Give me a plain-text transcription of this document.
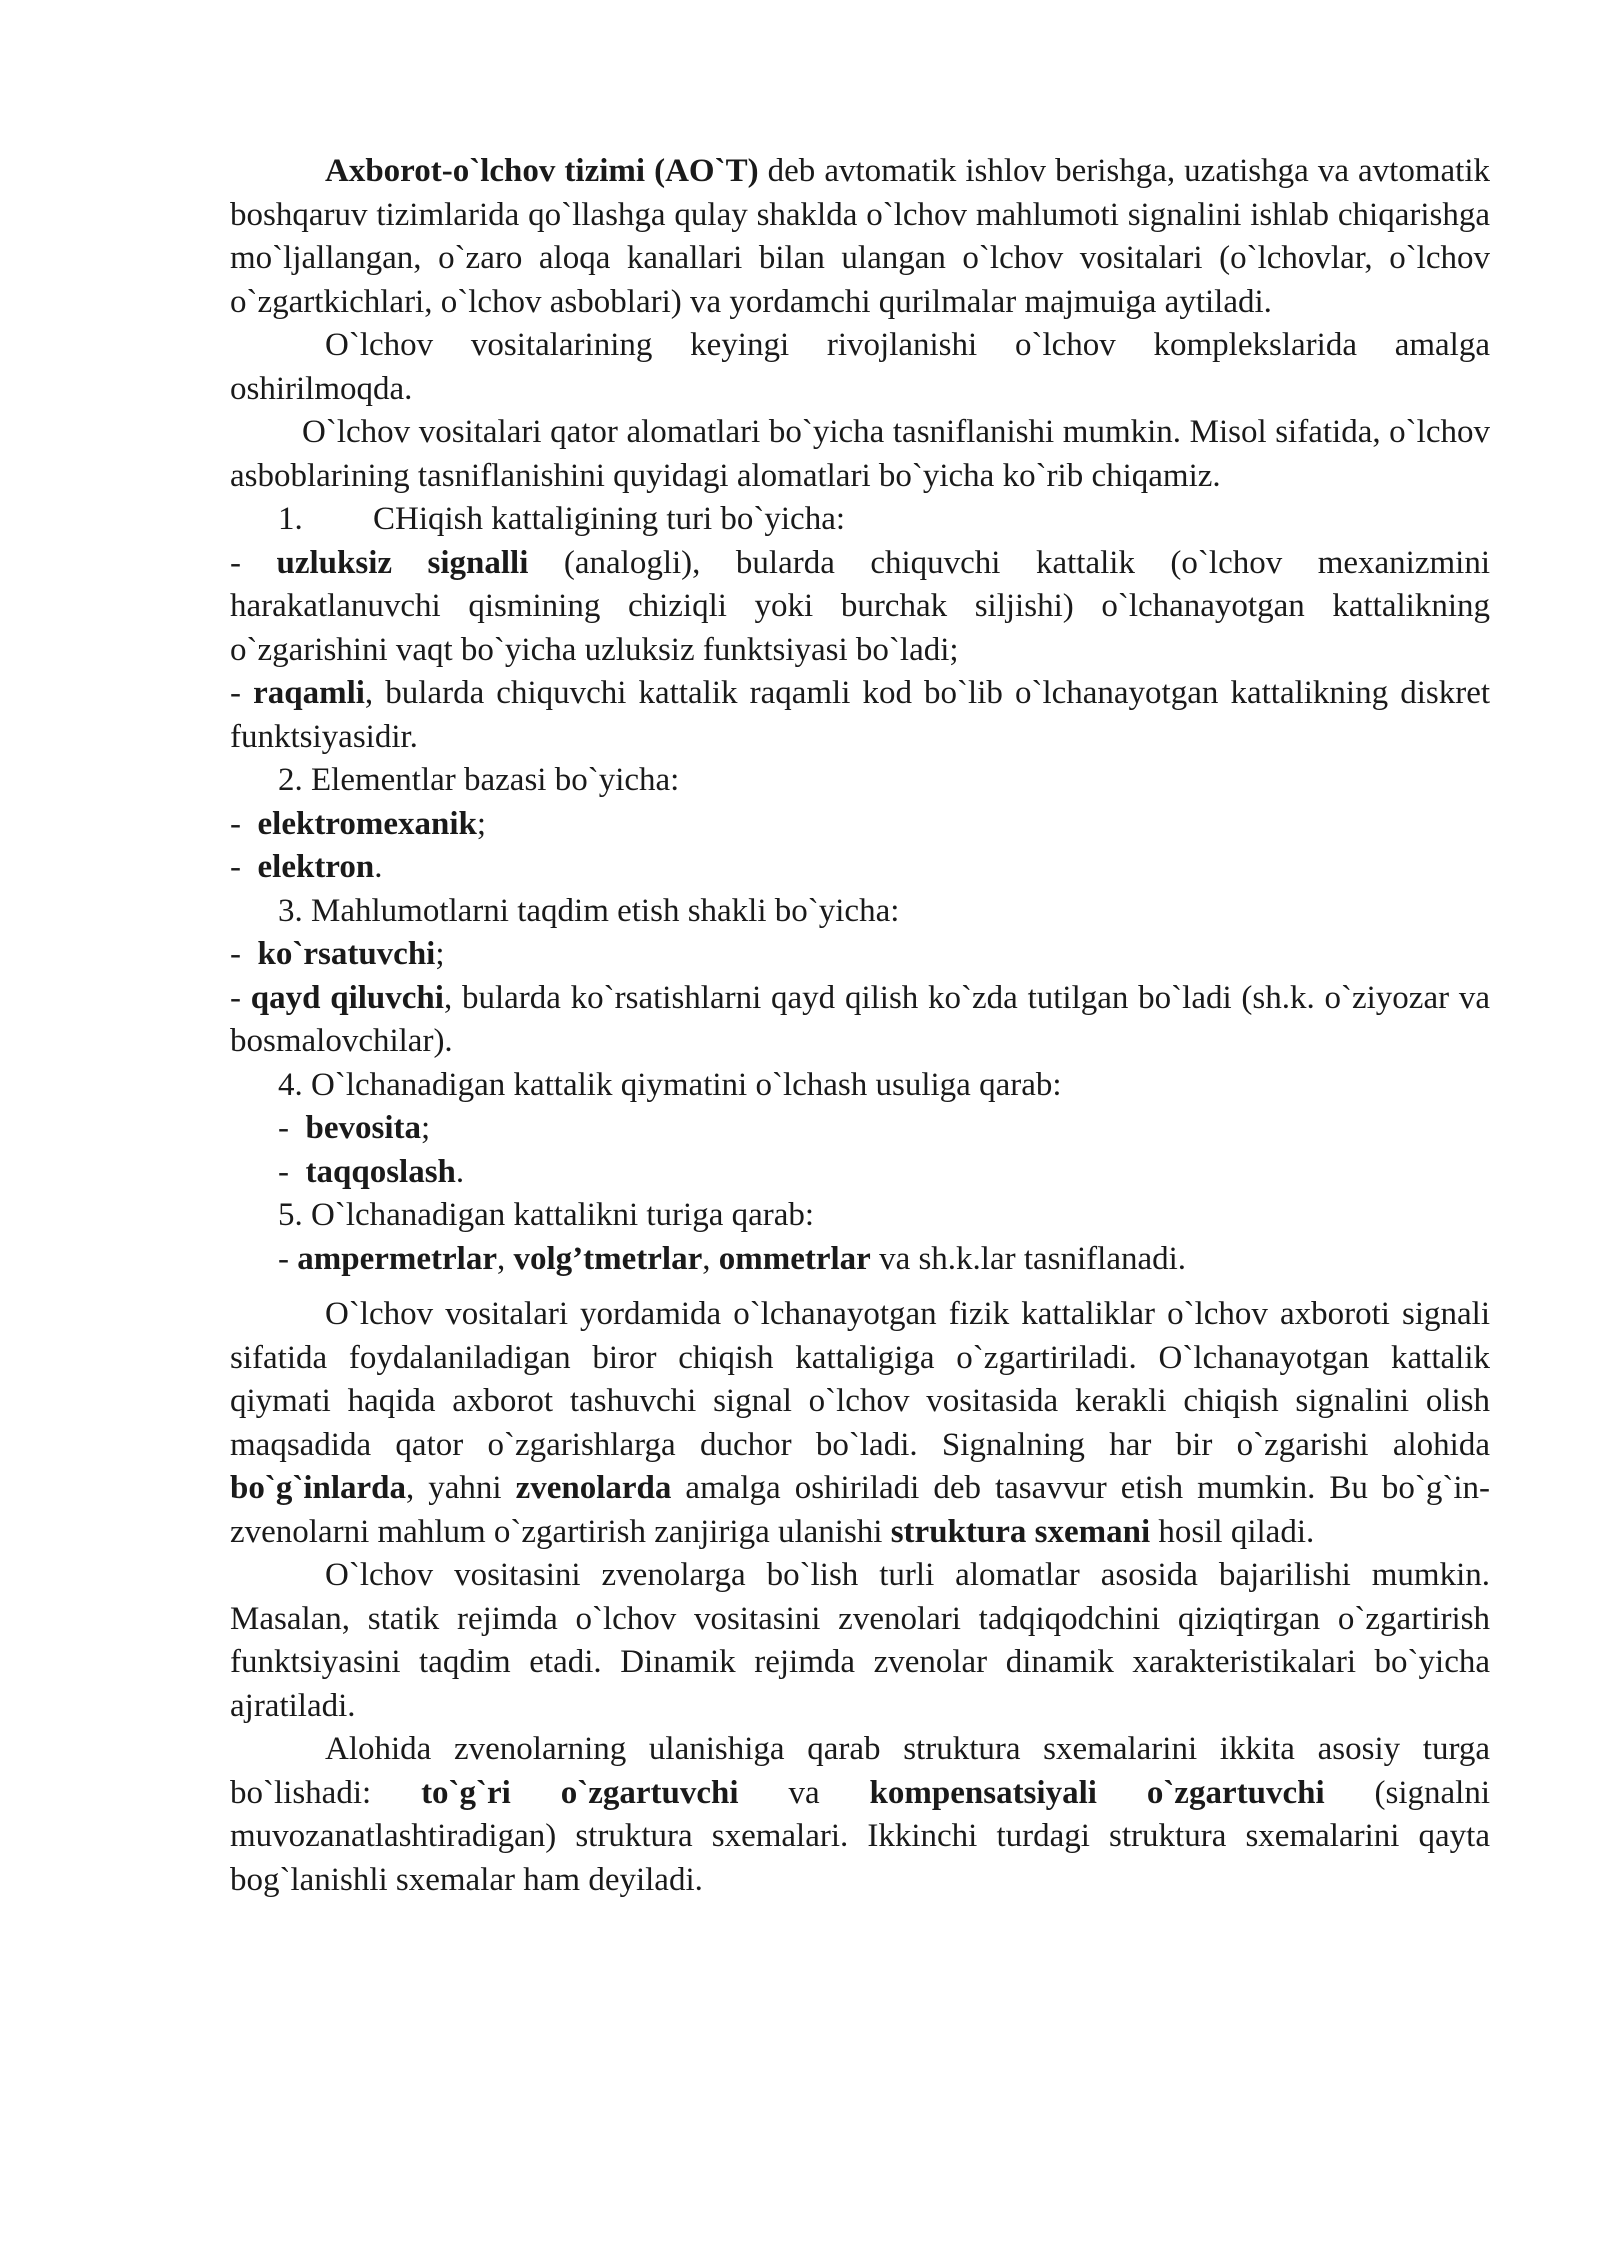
Axborot-o`lchov tizimi (AO`T) deb avtomatik ishlov berishga, uzatishga va avtomatik boshqaruv tizimlarida qo`llashga qulay shaklda o`lchov mahlumoti signalini ishlab chiqarishga mo`ljallangan, o`zaro aloqa kanallari bilan ulangan o`lchov vositalari (o`lchovlar, o`lchov o`zgartkichlari, o`lchov asboblari) va yordamchi qurilmalar majmuiga aytiladi.

O`lchov vositalarining keyingi rivojlanishi o`lchov komplekslarida amalga oshirilmoqda.

O`lchov vositalari qator alomatlari bo`yicha tasniflanishi mumkin. Misol sifatida, o`lchov asboblarining tasniflanishini quyidagi alomatlari bo`yicha ko`rib chiqamiz.

1. CHiqish kattaligining turi bo`yicha:

- uzluksiz signalli (analogli), bularda chiquvchi kattalik (o`lchov mexanizmini harakatlanuvchi qismining chiziqli yoki burchak siljishi) o`lchanayotgan kattalikning o`zgarishini vaqt bo`yicha uzluksiz funktsiyasi bo`ladi;

- raqamli, bularda chiquvchi kattalik raqamli kod bo`lib o`lchanayotgan kattalikning diskret funktsiyasidir.

2. Elementlar bazasi bo`yicha:

-  elektromexanik;

-  elektron.

3. Mahlumotlarni taqdim etish shakli bo`yicha:

-  ko`rsatuvchi;

- qayd qiluvchi, bularda ko`rsatishlarni qayd qilish ko`zda tutilgan bo`ladi (sh.k. o`ziyozar va bosmalovchilar).

4. O`lchanadigan kattalik qiymatini o`lchash usuliga qarab:

-  bevosita;

-  taqqoslash.

5. O`lchanadigan kattalikni turiga qarab:

- ampermetrlar, volg’tmetrlar, ommetrlar va sh.k.lar tasniflanadi.

O`lchov vositalari yordamida o`lchanayotgan fizik kattaliklar o`lchov axboroti signali sifatida foydalaniladigan biror chiqish kattaligiga o`zgartiriladi. O`lchanayotgan kattalik qiymati haqida axborot tashuvchi signal o`lchov vositasida kerakli chiqish signalini olish maqsadida qator o`zgarishlarga duchor bo`ladi. Signalning har bir o`zgarishi alohida bo`g`inlarda, yahni zvenolarda amalga oshiriladi deb tasavvur etish mumkin. Bu bo`g`in-zvenolarni mahlum o`zgartirish zanjiriga ulanishi struktura sxemani hosil qiladi.

O`lchov vositasini zvenolarga bo`lish turli alomatlar asosida bajarilishi mumkin. Masalan, statik rejimda o`lchov vositasini zvenolari tadqiqodchini qiziqtirgan o`zgartirish funktsiyasini taqdim etadi. Dinamik rejimda zvenolar dinamik xarakteristikalari bo`yicha ajratiladi.

Alohida zvenolarning ulanishiga qarab struktura sxemalarini ikkita asosiy turga bo`lishadi: to`g`ri o`zgartuvchi va kompensatsiyali o`zgartuvchi (signalni muvozanatlashtiradigan) struktura sxemalari. Ikkinchi turdagi struktura sxemalarini qayta bog`lanishli sxemalar ham deyiladi.
